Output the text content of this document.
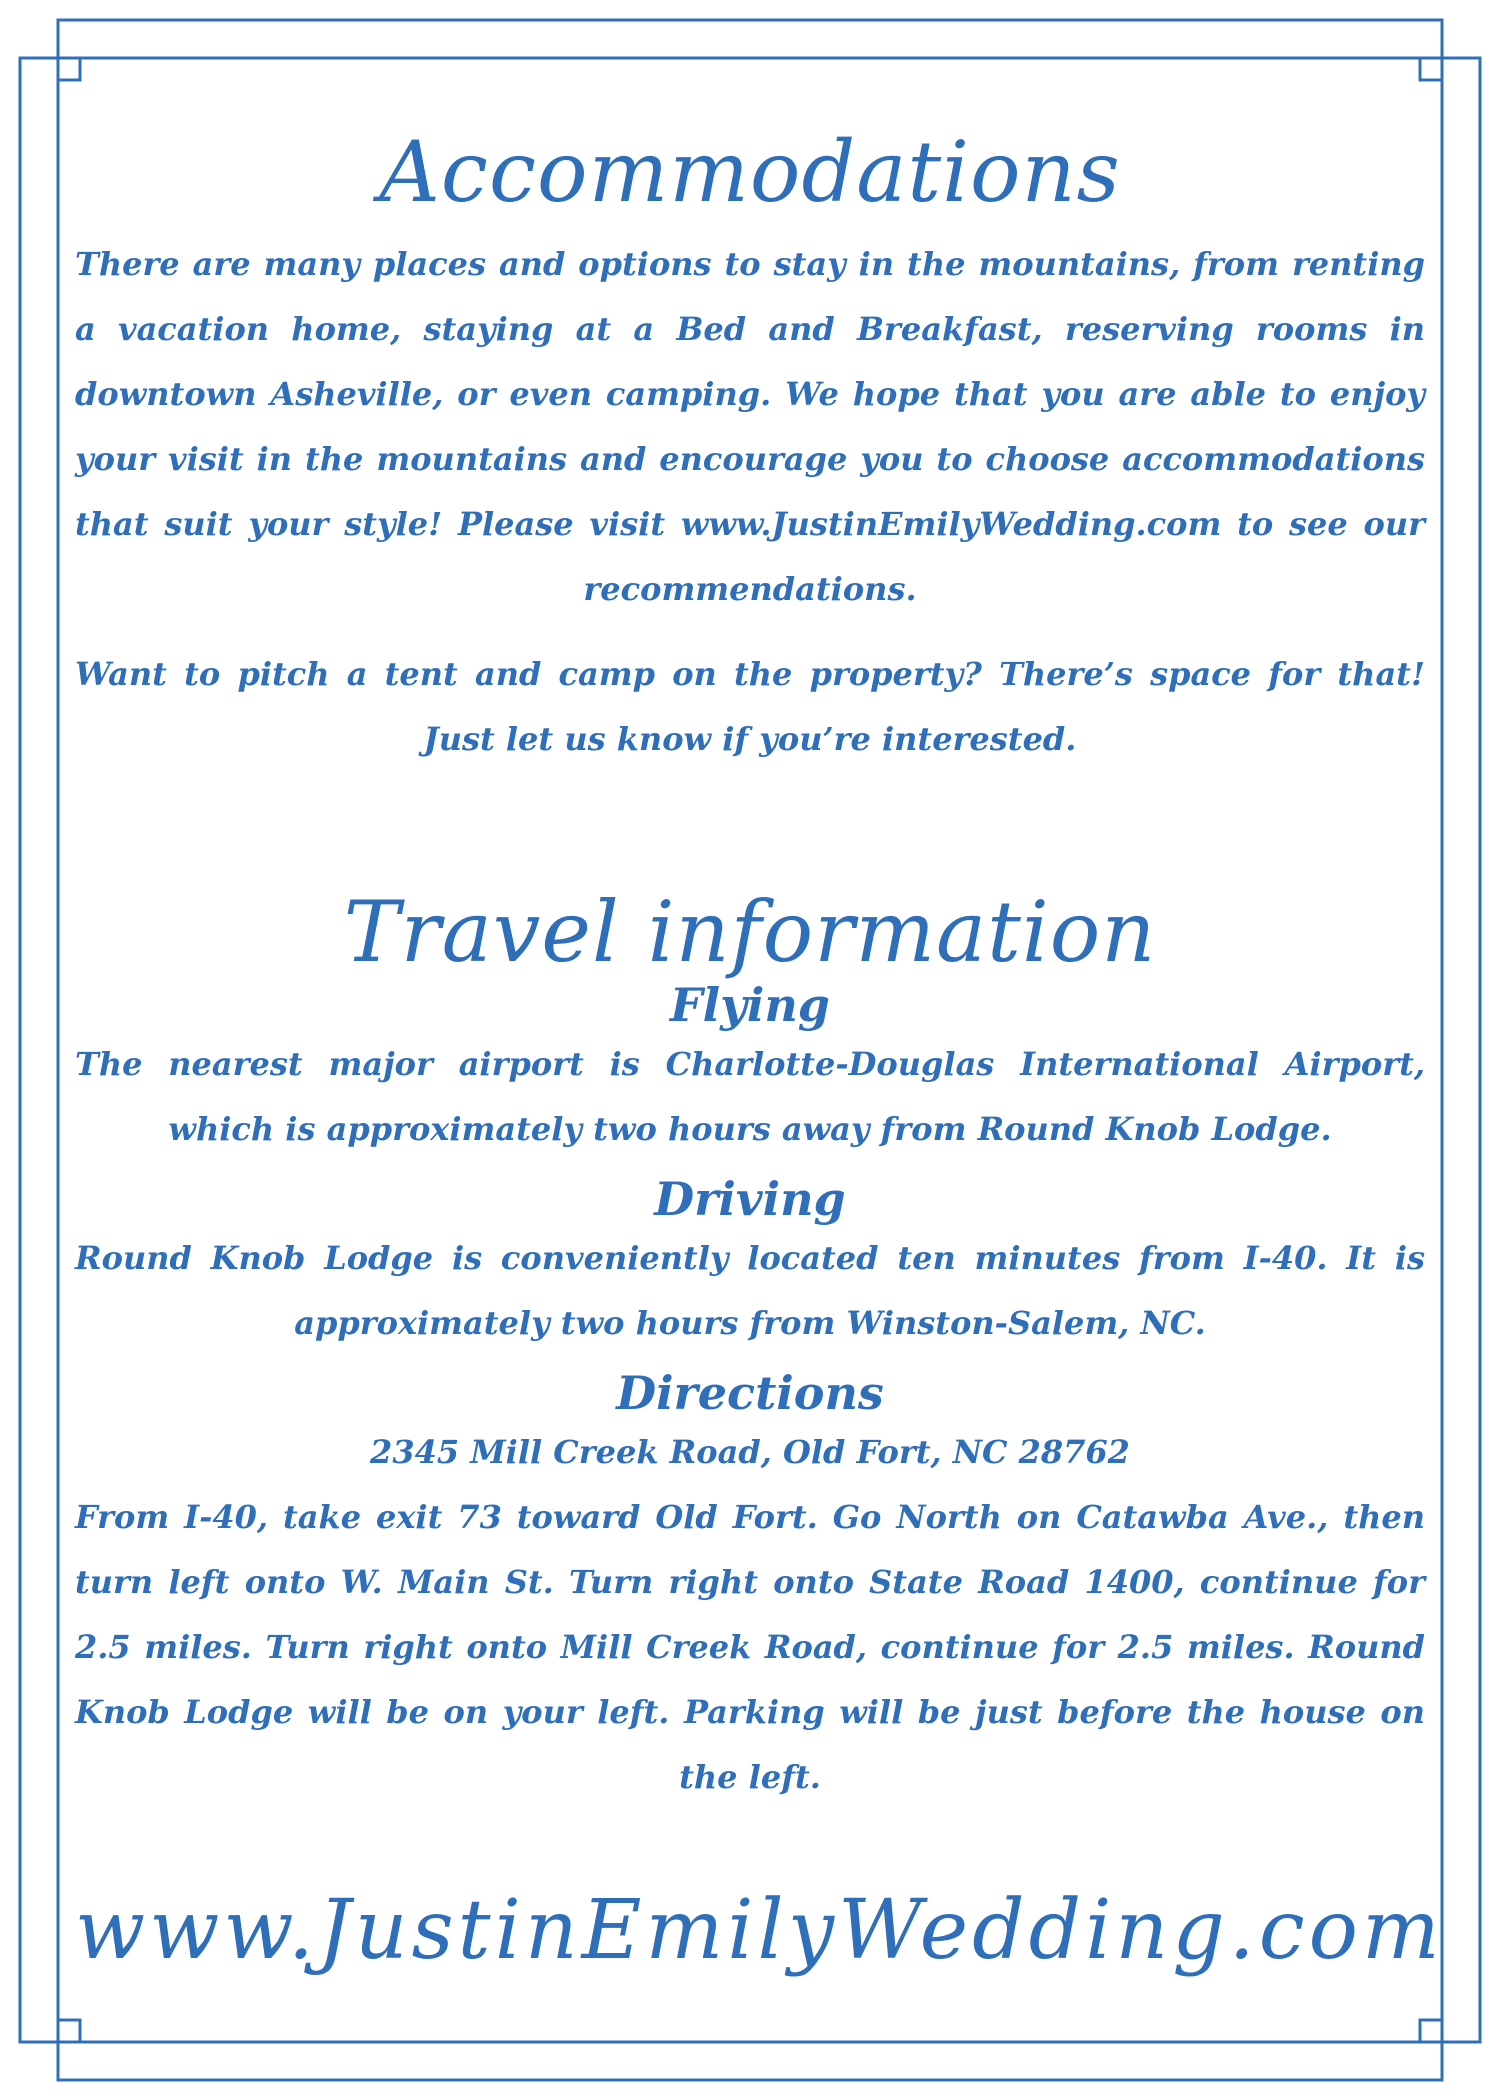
Accommodations

There are many places and options to stay in the mountains, from renting a vacation home, staying at a Bed and Breakfast, reserving rooms in downtown Asheville, or even camping. We hope that you are able to enjoy your visit in the mountains and encourage you to choose accommodations that suit your style! Please visit www.JustinEmilyWedding.com to see our recommendations.

Want to pitch a tent and camp on the property? There’s space for that! Just let us know if you’re interested.

Travel information
Flying

The nearest major airport is Charlotte-Douglas International Airport, which is approximately two hours away from Round Knob Lodge.

Driving

Round Knob Lodge is conveniently located ten minutes from I-40. It is approximately two hours from Winston-Salem, NC.

Directions

2345 Mill Creek Road, Old Fort, NC 28762

From I-40, take exit 73 toward Old Fort. Go North on Catawba Ave., then turn left onto W. Main St. Turn right onto State Road 1400, continue for 2.5 miles. Turn right onto Mill Creek Road, continue for 2.5 miles. Round Knob Lodge will be on your left. Parking will be just before the house on the left.

www.JustinEmilyWedding.com
